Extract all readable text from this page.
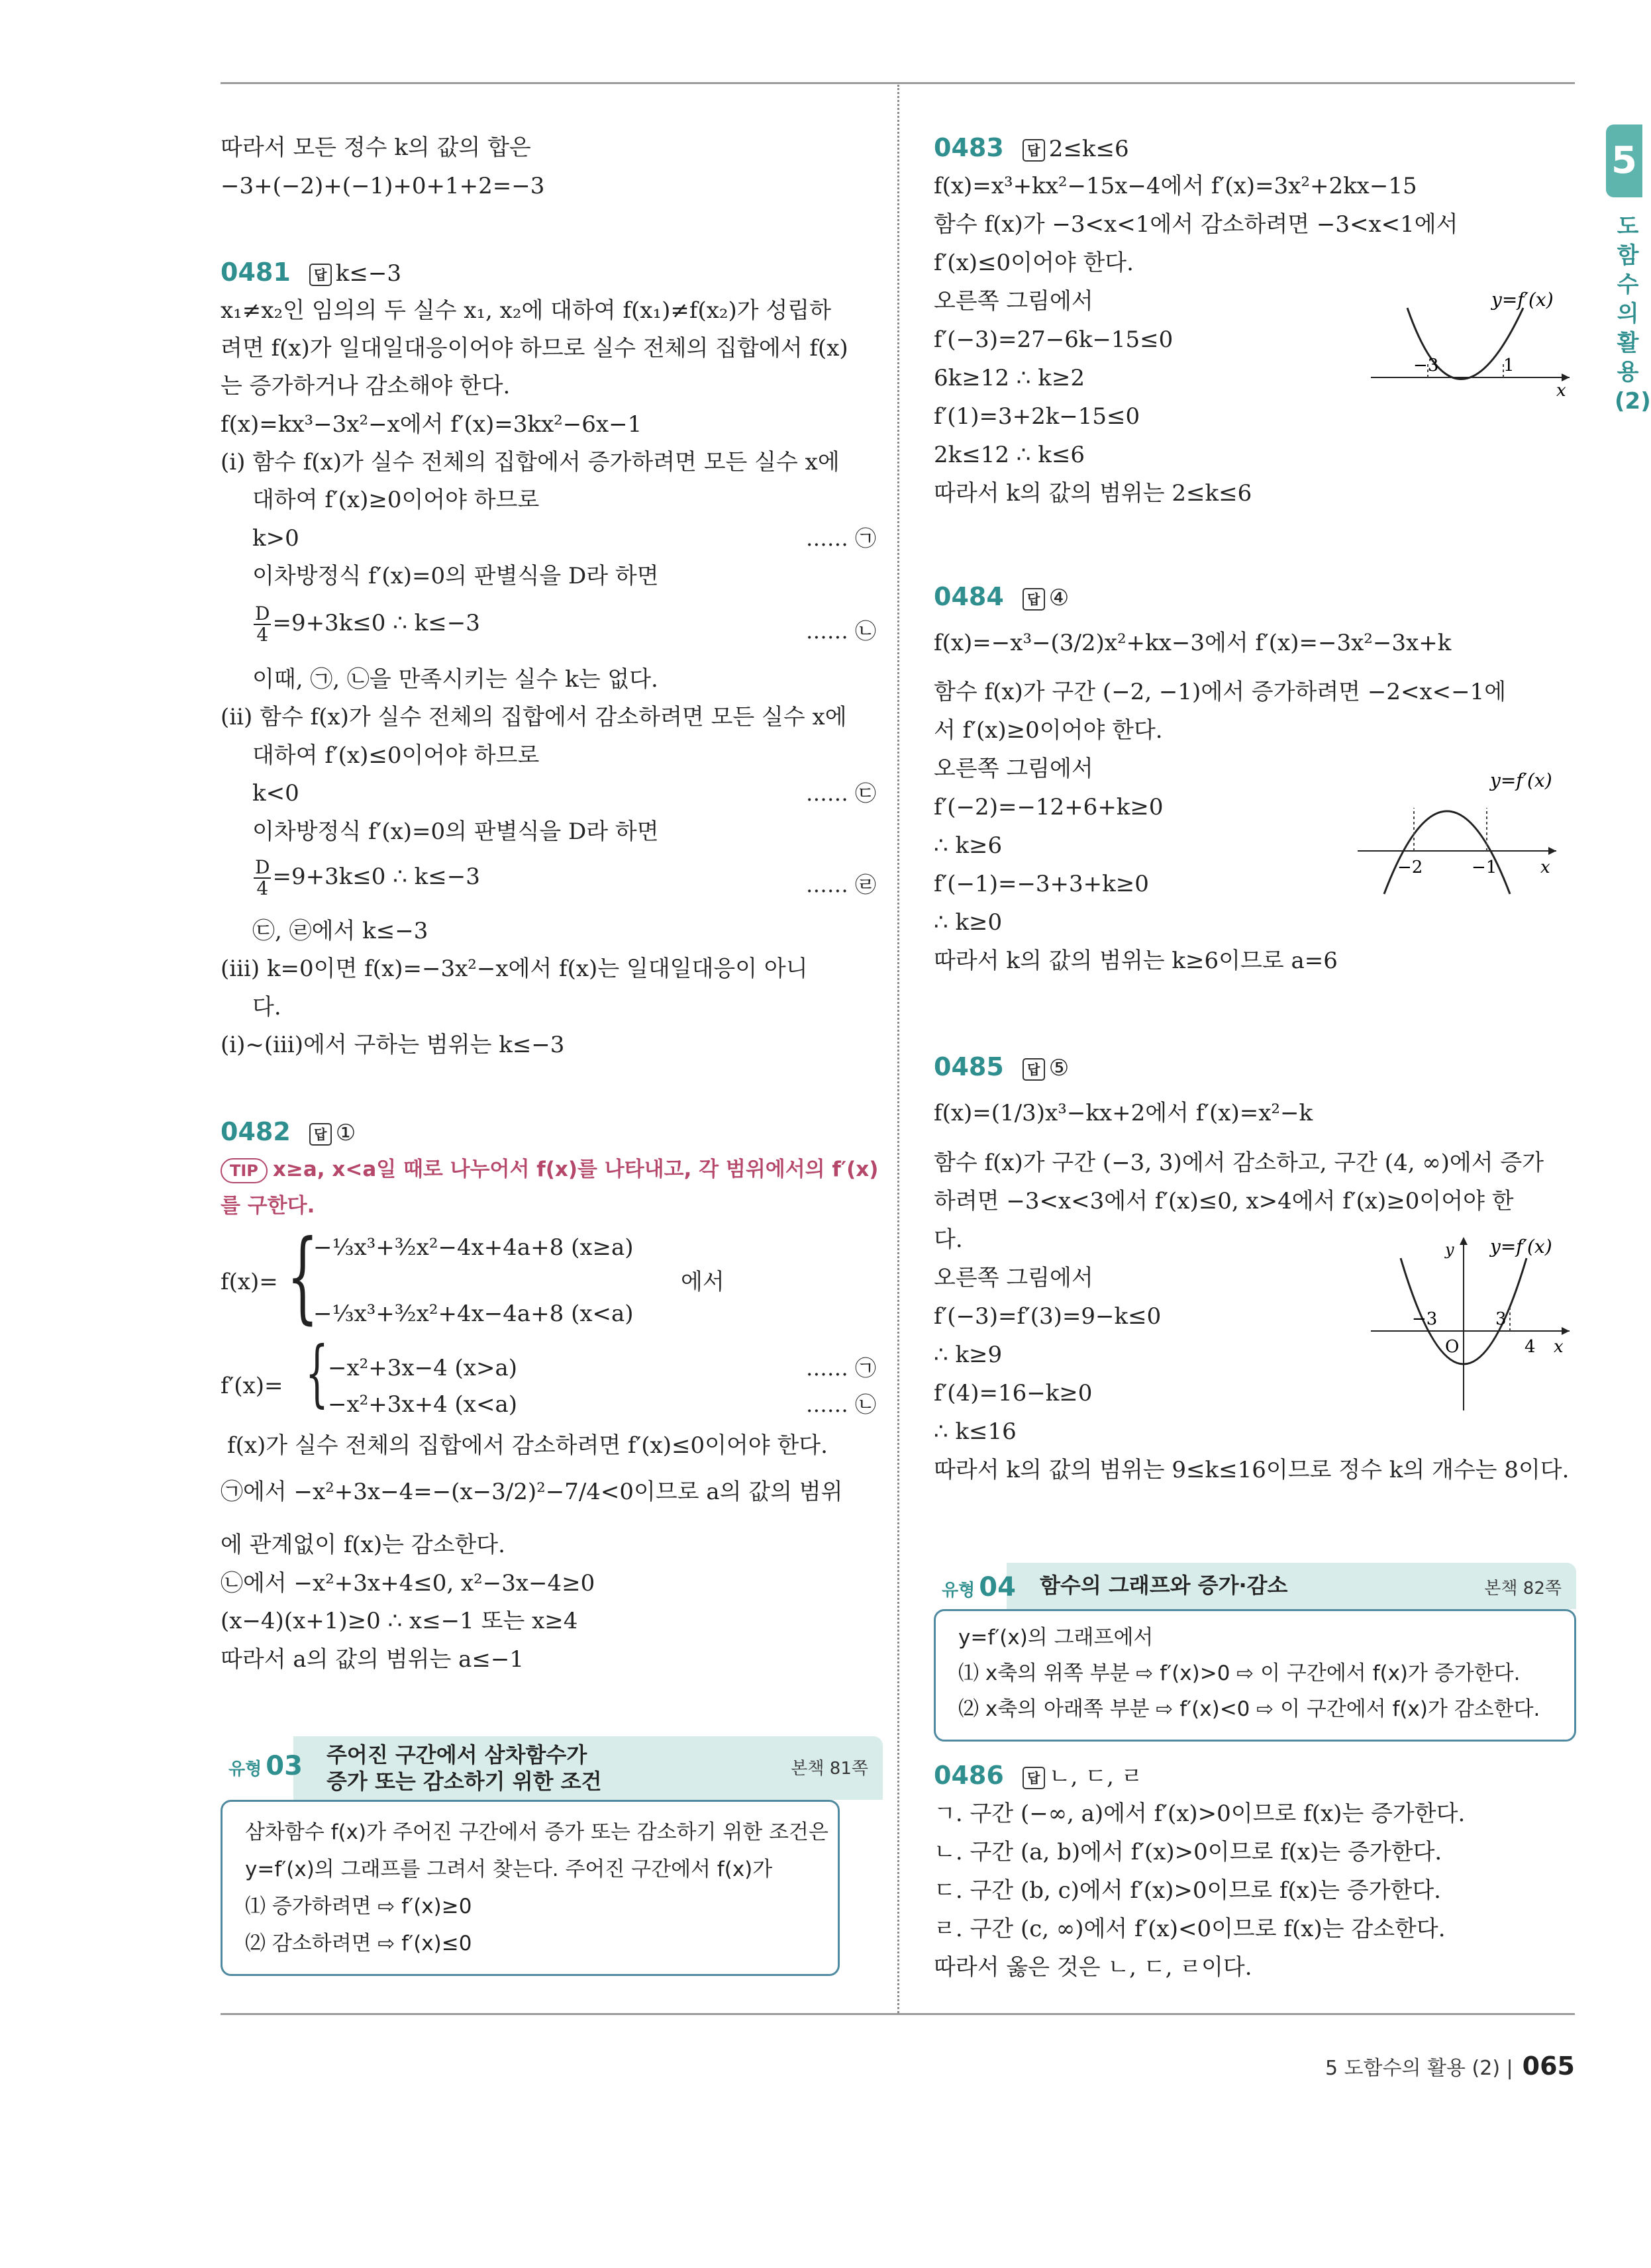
5
도함수의 활용 (2)
따라서 모든 정수 k의 값의 합은
−3+(−2)+(−1)+0+1+2=−3
0481 답 k≤−3
x₁≠x₂인 임의의 두 실수 x₁, x₂에 대하여 f(x₁)≠f(x₂)가 성립하
려면 f(x)가 일대일대응이어야 하므로 실수 전체의 집합에서 f(x)
는 증가하거나 감소해야 한다.
f(x)=kx³−3x²−x에서 f′(x)=3kx²−6x−1
(ⅰ) 함수 f(x)가 실수 전체의 집합에서 증가하려면 모든 실수 x에
대하여 f′(x)≥0이어야 하므로
k>0	…… ㉠
이차방정식 f′(x)=0의 판별식을 D라 하면
$\frac{D}{4} =9+3k\le 0$ ∴ k≤−3	…… ㉡
이때, ㉠, ㉡을 만족시키는 실수 k는 없다.
(ⅱ) 함수 f(x)가 실수 전체의 집합에서 감소하려면 모든 실수 x에
대하여 f′(x)≤0이어야 하므로
k<0	…… ㉢
이차방정식 f′(x)=0의 판별식을 D라 하면
$\frac{D}{4} =9+3k\le 0$ ∴ k≤−3	…… ㉣
㉢, ㉣에서 k≤−3
(ⅲ) k=0이면 f(x)=−3x²−x에서 f(x)는 일대일대응이 아니
다.
(ⅰ)~(ⅲ)에서 구하는 범위는 k≤−3
0482 답 ①
TIP x≥a, x<a일 때로 나누어서 f(x)를 나타내고, 각 범위에서의 f′(x)
를 구한다.
f(x)= {
−⅓x³+³⁄₂x²−4x+4a+8 (x≥a)
−⅓x³+³⁄₂x²+4x−4a+8 (x<a)
에서
f′(x)= { −x²+3x−4 (x>a)
−x²+3x+4 (x<a)
…… ㉠
…… ㉡
f(x)가 실수 전체의 집합에서 감소하려면 f′(x)≤0이어야 한다.
㉠에서 −x²+3x−4=−(x−3/2)²−7/4<0이므로 a의 값의 범위
에 관계없이 f(x)는 감소한다.
㉡에서 −x²+3x+4≤0, x²−3x−4≥0
(x−4)(x+1)≥0 ∴ x≤−1 또는 x≥4
따라서 a의 값의 범위는 a≤−1
유형 03 주어진 구간에서 삼차함수가
증가 또는 감소하기 위한 조건	본책 81쪽
삼차함수 f(x)가 주어진 구간에서 증가 또는 감소하기 위한 조건은
y=f′(x)의 그래프를 그려서 찾는다. 주어진 구간에서 f(x)가
⑴ 증가하려면 ⇨ f′(x)≥0
⑵ 감소하려면 ⇨ f′(x)≤0
0483 답 2≤k≤6
f(x)=x³+kx²−15x−4에서 f′(x)=3x²+2kx−15
함수 f(x)가 −3<x<1에서 감소하려면 −3<x<1에서
f′(x)≤0이어야 한다.
오른쪽 그림에서
f′(−3)=27−6k−15≤0
6k≥12 ∴ k≥2
f′(1)=3+2k−15≤0
2k≤12 ∴ k≤6
따라서 k의 값의 범위는 2≤k≤6
y=f′(x)
−3	1
x
0484 답 ④
f(x)=−x³−(3/2)x²+kx−3에서 f′(x)=−3x²−3x+k
함수 f(x)가 구간 (−2, −1)에서 증가하려면 −2<x<−1에
서 f′(x)≥0이어야 한다.
오른쪽 그림에서
f′(−2)=−12+6+k≥0
∴ k≥6
f′(−1)=−3+3+k≥0
∴ k≥0
따라서 k의 값의 범위는 k≥6이므로 a=6
y=f′(x)
−2	−1	x
0485 답 ⑤
f(x)=(1/3)x³−kx+2에서 f′(x)=x²−k
함수 f(x)가 구간 (−3, 3)에서 감소하고, 구간 (4, ∞)에서 증가
하려면 −3<x<3에서 f′(x)≤0, x>4에서 f′(x)≥0이어야 한
다.
오른쪽 그림에서
f′(−3)=f′(3)=9−k≤0
∴ k≥9
f′(4)=16−k≥0
∴ k≤16
따라서 k의 값의 범위는 9≤k≤16이므로 정수 k의 개수는 8이다.
y=f′(x)
y
O
−3	3
4 x
유형 04 함수의 그래프와 증가·감소	본책 82쪽
y=f′(x)의 그래프에서
⑴ x축의 위쪽 부분 ⇨ f′(x)>0 ⇨ 이 구간에서 f(x)가 증가한다.
⑵ x축의 아래쪽 부분 ⇨ f′(x)<0 ⇨ 이 구간에서 f(x)가 감소한다.
0486 답 ㄴ, ㄷ, ㄹ
ㄱ. 구간 (−∞, a)에서 f′(x)>0이므로 f(x)는 증가한다.
ㄴ. 구간 (a, b)에서 f′(x)>0이므로 f(x)는 증가한다.
ㄷ. 구간 (b, c)에서 f′(x)>0이므로 f(x)는 증가한다.
ㄹ. 구간 (c, ∞)에서 f′(x)<0이므로 f(x)는 감소한다.
따라서 옳은 것은 ㄴ, ㄷ, ㄹ이다.
5 도함수의 활용 (2) | 065
